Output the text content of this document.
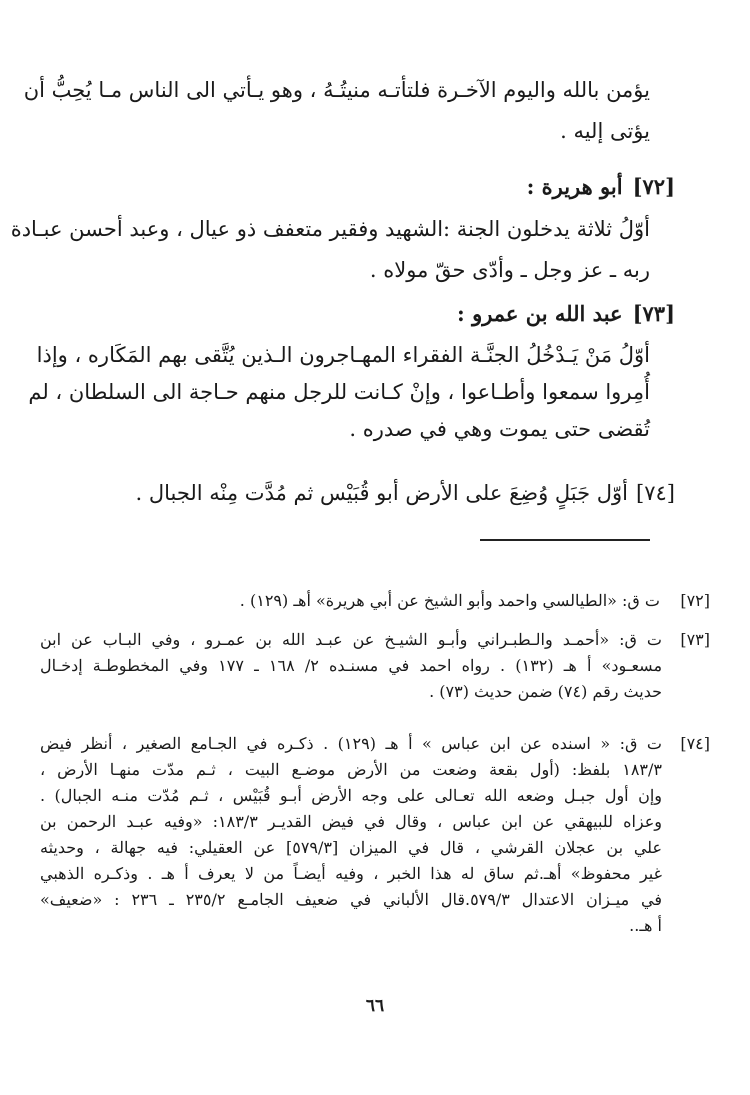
يؤمن بالله واليوم الآخـرة فلتأتـه منيتُـهُ ، وهو يـأتي الى الناس مـا يُحِبُّ أن
يؤتى إليه .
[٧٢]أبو هريرة :
أوّلُ ثلاثة يدخلون الجنة :الشهيد وفقير متعفف ذو عيال ، وعبد أحسن عبـادة
ربه ـ عز وجل ـ وأدّى حقّ مولاه .
[٧٣]عبد الله بن عمرو :
أوّلُ مَنْ يَـدْخُلُ الجنَّـة الفقراء المهـاجرون الـذين يُتَّقى بهم المَكَاره ، وإذا
أُمِروا سمعوا وأطـاعوا ، وإنْ كـانت للرجل منهم حـاجة الى السلطان ، لم
تُقضى حتى يموت وهي في صدره .
[٧٤]أوّل جَبَلٍ وُضِعَ على الأرض أبو قُبَيْس ثم مُدَّت مِنْه الجبال .
[٧٢]
ت ق: «الطيالسي واحمد وأبو الشيخ عن أبي هريرة» أهـ (١٢٩) .
[٧٣]
ت ق: «أحمـد والـطبـراني وأبـو الشيـخ عن عبـد الله بن عمـرو ، وفي البـاب عن ابن
مسعـود» أ هـ (١٣٢) . رواه احمد في مسنـده ٢/ ١٦٨ ـ ١٧٧ وفي المخطوطـة إدخـال
حديث رقم (٧٤) ضمن حديث (٧٣) .
[٧٤]
ت ق: « اسنده عن ابن عباس » أ هـ (١٢٩) . ذكـره في الجـامع الصغير ، أنظر فيض
١٨٣/٣ بلفظ: (أول بقعة وضعت من الأرض موضـع البيت ، ثـم مدّت منهـا الأرض ،
وإن أول جبـل وضعه الله تعـالى على وجه الأرض أبـو قُبَيْس ، ثـم مُدّت منـه الجبال) .
وعزاه للبيهقي عن ابن عباس ، وقال في فيض القديـر ١٨٣/٣: «وفيه عبـد الرحمن بن
علي بن عجلان القرشي ، قال في الميزان [٥٧٩/٣] عن العقيلي: فيه جهالة ، وحديثه
غير محفوظ» أهـ.ثم ساق له هذا الخبر ، وفيه أيضـاً من لا يعرف أ هـ . وذكـره الذهبي
في ميـزان الاعتدال ٥٧٩/٣.قال الألباني في ضعيف الجامـع ٢٣٥/٢ ـ ٢٣٦ : «ضعيف»
أ هـ..
٦٦
